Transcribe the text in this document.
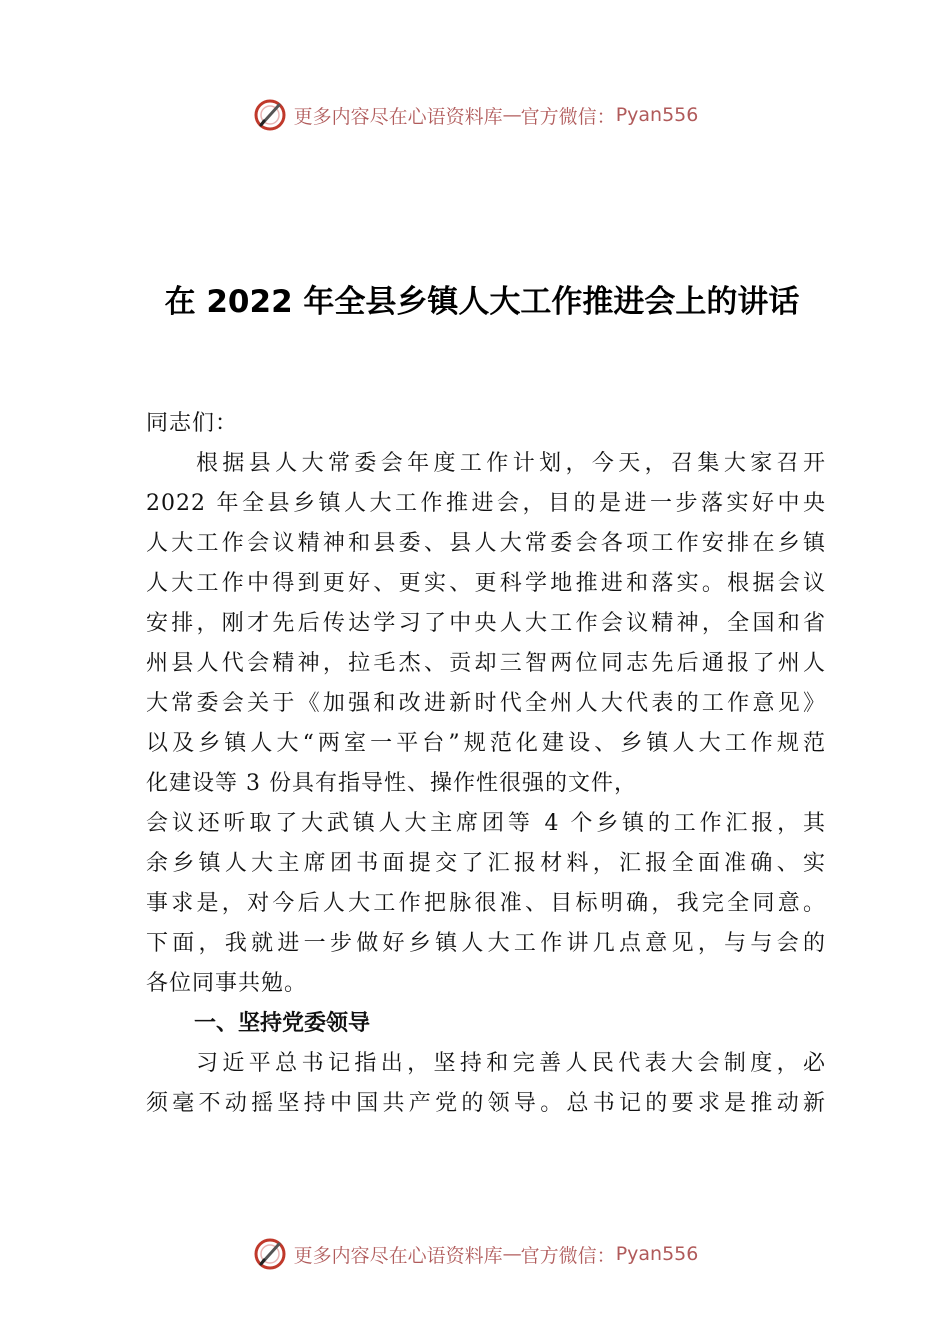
更多内容尽在心语资料库 — 官方微信： Pyan556
在 2022 年全县乡镇人大工作推进会上的讲话
同志们：
根据县人大常委会年度工作计划，今天，召集大家召开
2022 年全县乡镇人大工作推进会，目的是进一步落实好中央
人大工作会议精神和县委、县人大常委会各项工作安排在乡镇
人大工作中得到更好、更实、更科学地推进和落实。根据会议
安排，刚才先后传达学习了中央人大工作会议精神，全国和省
州县人代会精神，拉毛杰、贡却三智两位同志先后通报了州人
大常委会关于《加强和改进新时代全州人大代表的工作意见》
以及乡镇人大“两室一平台”规范化建设、乡镇人大工作规范
化建设等 3 份具有指导性、操作性很强的文件，
会议还听取了大武镇人大主席团等 4 个乡镇的工作汇报，其
余乡镇人大主席团书面提交了汇报材料，汇报全面准确、实
事求是，对今后人大工作把脉很准、目标明确，我完全同意。
下面，我就进一步做好乡镇人大工作讲几点意见，与与会的
各位同事共勉。
一、坚持党委领导
习近平总书记指出，坚持和完善人民代表大会制度，必
须毫不动摇坚持中国共产党的领导。总书记的要求是推动新
更多内容尽在心语资料库 — 官方微信： Pyan556
